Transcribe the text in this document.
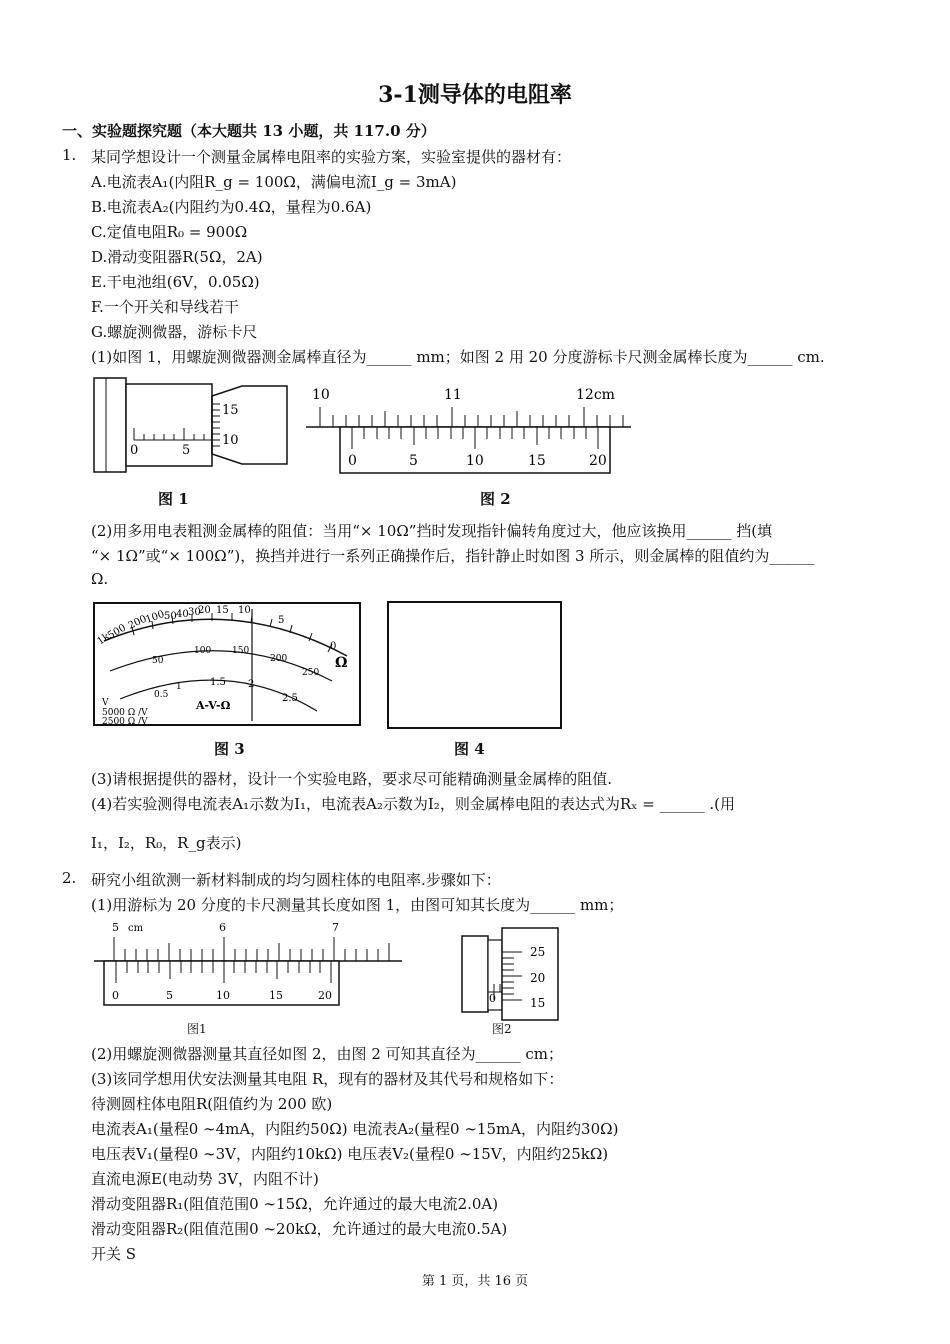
3-1测导体的电阻率
一、实验题探究题（本大题共 13 小题，共 117.0 分）
1. 某同学想设计一个测量金属棒电阻率的实验方案，实验室提供的器材有：
A.电流表A₁(内阻R_g = 100Ω，满偏电流I_g = 3mA)
B.电流表A₂(内阻约为0.4Ω，量程为0.6A)
C.定值电阻R₀ = 900Ω
D.滑动变阻器R(5Ω，2A)
E.干电池组(6V，0.05Ω)
F.一个开关和导线若干
G.螺旋测微器，游标卡尺
(1)如图 1，用螺旋测微器测金属棒直径为______ mm；如图 2 用 20 分度游标卡尺测金属棒长度为______ cm.
0	5
15
10
图 1
10	11	12cm
0	5	10	15	20
图 2
(2)用多用电表粗测金属棒的阻值：当用“× 10Ω”挡时发现指针偏转角度过大，他应该换用______ 挡(填
“× 1Ω”或“× 100Ω”)，换挡并进行一系列正确操作后，指针静止时如图 3 所示，则金属棒的阻值约为______
Ω.
1k
500
200
100
50 40 30
20 15 10
5
0
Ω
50
100 150
200
250
0.5
1	1.5 2
2.5
A-V-Ω
V
5000 Ω /V
2500 Ω /V
图 3	图 4
(3)请根据提供的器材，设计一个实验电路，要求尽可能精确测量金属棒的阻值.
(4)若实验测得电流表A₁示数为I₁，电流表A₂示数为I₂，则金属棒电阻的表达式为Rₓ = ______ .(用
I₁，I₂，R₀，R_g表示)
2. 研究小组欲测一新材料制成的均匀圆柱体的电阻率.步骤如下：
(1)用游标为 20 分度的卡尺测量其长度如图 1，由图可知其长度为______ mm；
5 cm	6	7
0	5	10	15	20
图1
0
25
20
15
图2
(2)用螺旋测微器测量其直径如图 2，由图 2 可知其直径为______ cm；
(3)该同学想用伏安法测量其电阻 R，现有的器材及其代号和规格如下：
待测圆柱体电阻R(阻值约为 200 欧)
电流表A₁(量程0 ∼4mA，内阻约50Ω) 电流表A₂(量程0 ∼15mA，内阻约30Ω)
电压表V₁(量程0 ∼3V，内阻约10kΩ) 电压表V₂(量程0 ∼15V，内阻约25kΩ)
直流电源E(电动势 3V，内阻不计)
滑动变阻器R₁(阻值范围0 ∼15Ω，允许通过的最大电流2.0A)
滑动变阻器R₂(阻值范围0 ∼20kΩ，允许通过的最大电流0.5A)
开关 S
第 1 页，共 16 页
